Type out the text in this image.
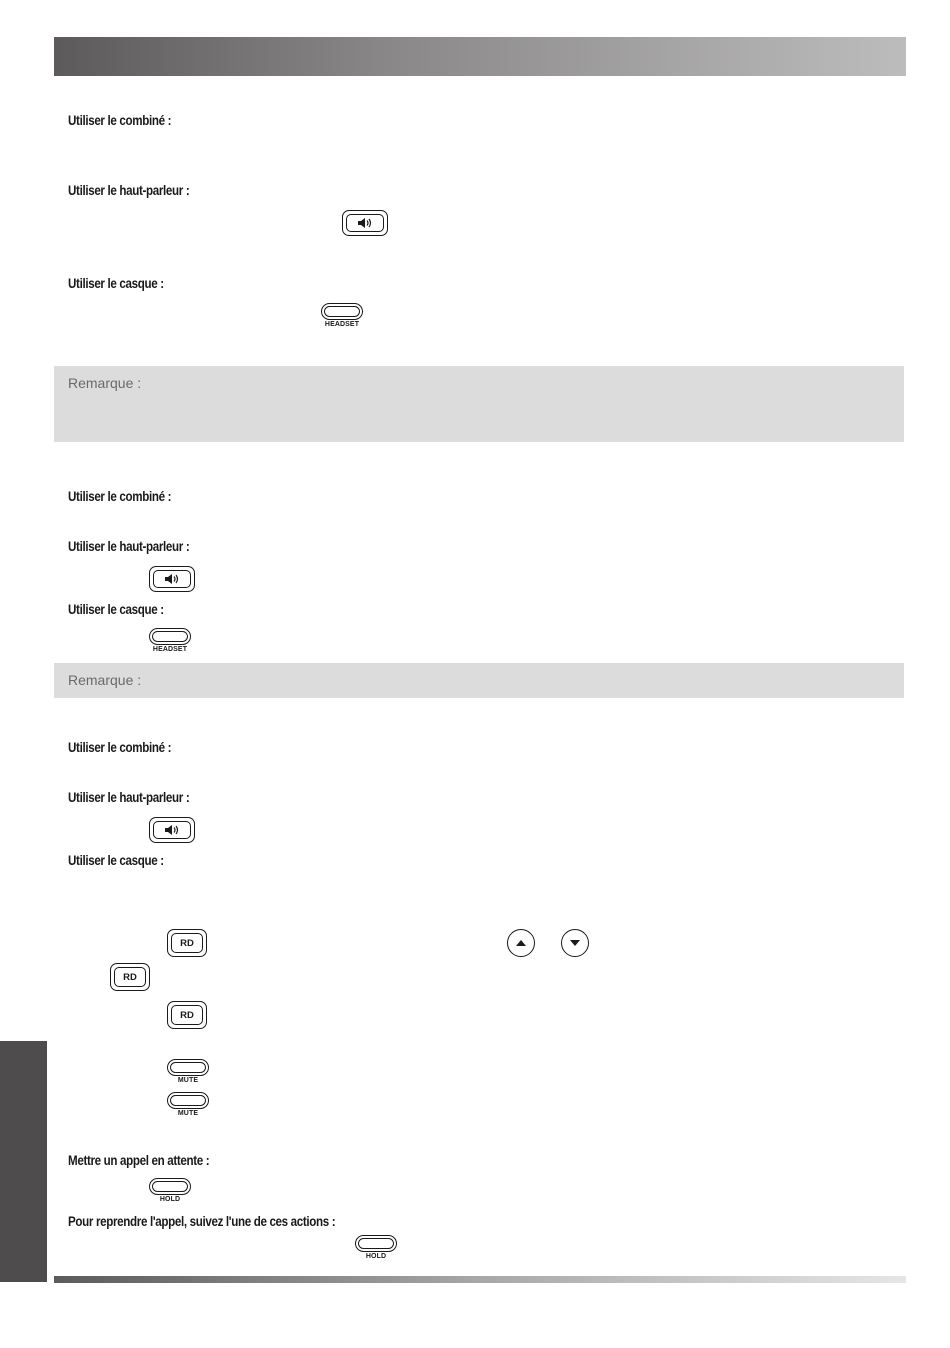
Utiliser le combiné :
Utiliser le haut-parleur :
Utiliser le casque :
HEADSET
Remarque :
Utiliser le combiné :
Utiliser le haut-parleur :
Utiliser le casque :
HEADSET
Remarque :
Utiliser le combiné :
Utiliser le haut-parleur :
Utiliser le casque :
RD
RD
RD
MUTE
MUTE
Mettre un appel en attente :
HOLD
Pour reprendre l'appel, suivez l'une de ces actions :
HOLD
